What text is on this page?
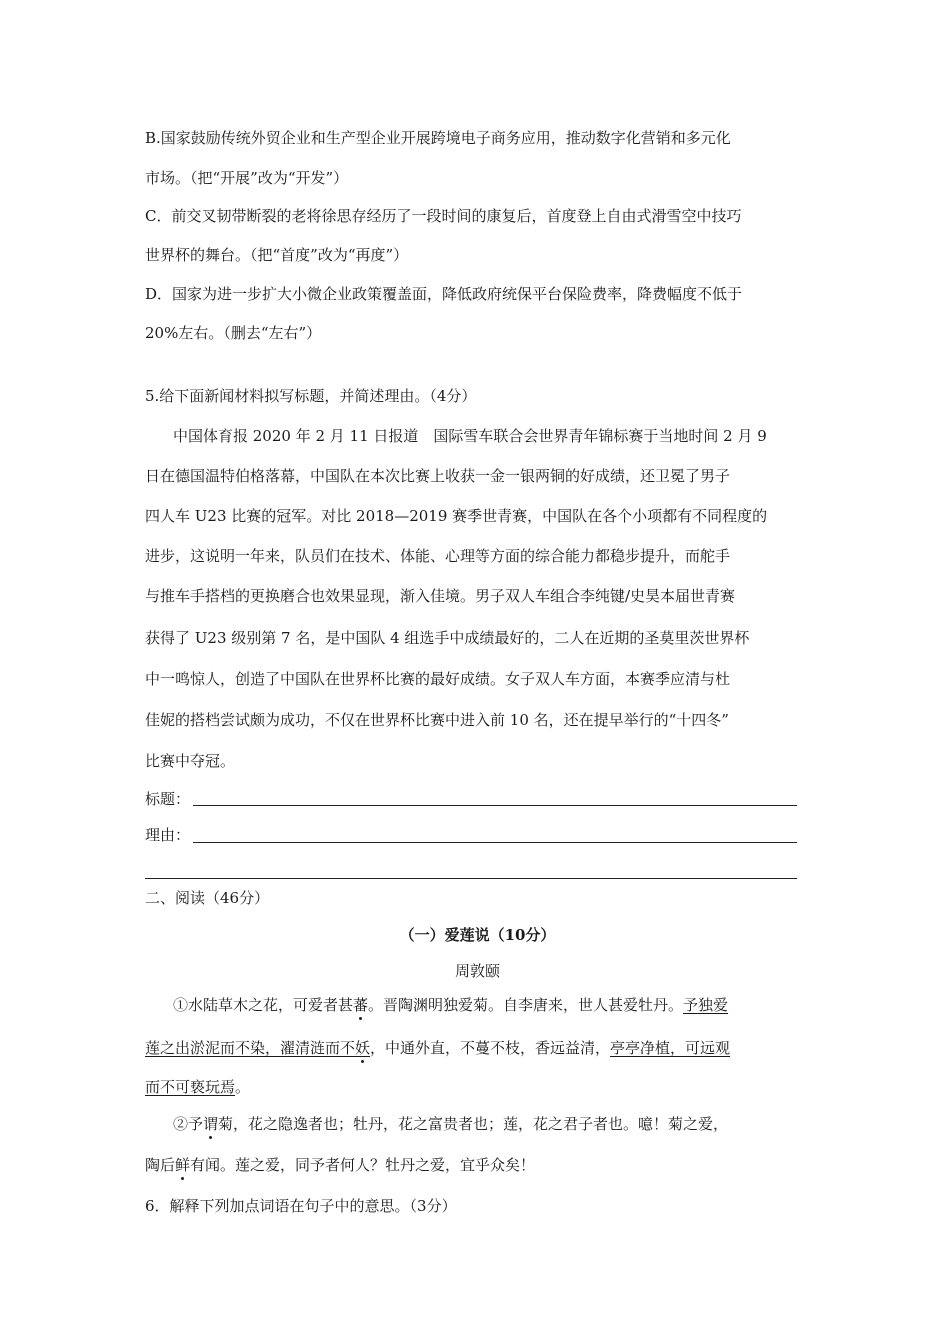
B.国家鼓励传统外贸企业和生产型企业开展跨境电子商务应用，推动数字化营销和多元化
市场。（把“开展”改为“开发”）
C．前交叉韧带断裂的老将徐思存经历了一段时间的康复后，首度登上自由式滑雪空中技巧
世界杯的舞台。（把“首度”改为“再度”）
D．国家为进一步扩大小微企业政策覆盖面，降低政府统保平台保险费率，降费幅度不低于
20%左右。（删去“左右”）
5.给下面新闻材料拟写标题，并简述理由。（4分）
中国体育报 2020 年 2 月 11 日报道　国际雪车联合会世界青年锦标赛于当地时间 2 月 9
日在德国温特伯格落幕，中国队在本次比赛上收获一金一银两铜的好成绩，还卫冕了男子
四人车 U23 比赛的冠军。对比 2018—2019 赛季世青赛，中国队在各个小项都有不同程度的
进步，这说明一年来，队员们在技术、体能、心理等方面的综合能力都稳步提升，而舵手
与推车手搭档的更换磨合也效果显现，渐入佳境。男子双人车组合李纯键/史昊本届世青赛
获得了 U23 级别第 7 名，是中国队 4 组选手中成绩最好的，二人在近期的圣莫里茨世界杯
中一鸣惊人，创造了中国队在世界杯比赛的最好成绩。女子双人车方面，本赛季应清与杜
佳妮的搭档尝试颇为成功，不仅在世界杯比赛中进入前 10 名，还在提早举行的“十四冬”
比赛中夺冠。
标题：
理由：
二、阅读（46分）
（一）爱莲说（10分）
周敦颐
①水陆草木之花，可爱者甚蕃。晋陶渊明独爱菊。自李唐来，世人甚爱牡丹。予独爱
莲之出淤泥而不染，濯清涟而不妖，中通外直，不蔓不枝，香远益清，亭亭净植，可远观
而不可亵玩焉。
②予谓菊，花之隐逸者也；牡丹，花之富贵者也；莲，花之君子者也。噫！菊之爱，
陶后鲜有闻。莲之爱，同予者何人？牡丹之爱，宜乎众矣！
6．解释下列加点词语在句子中的意思。（3分）
